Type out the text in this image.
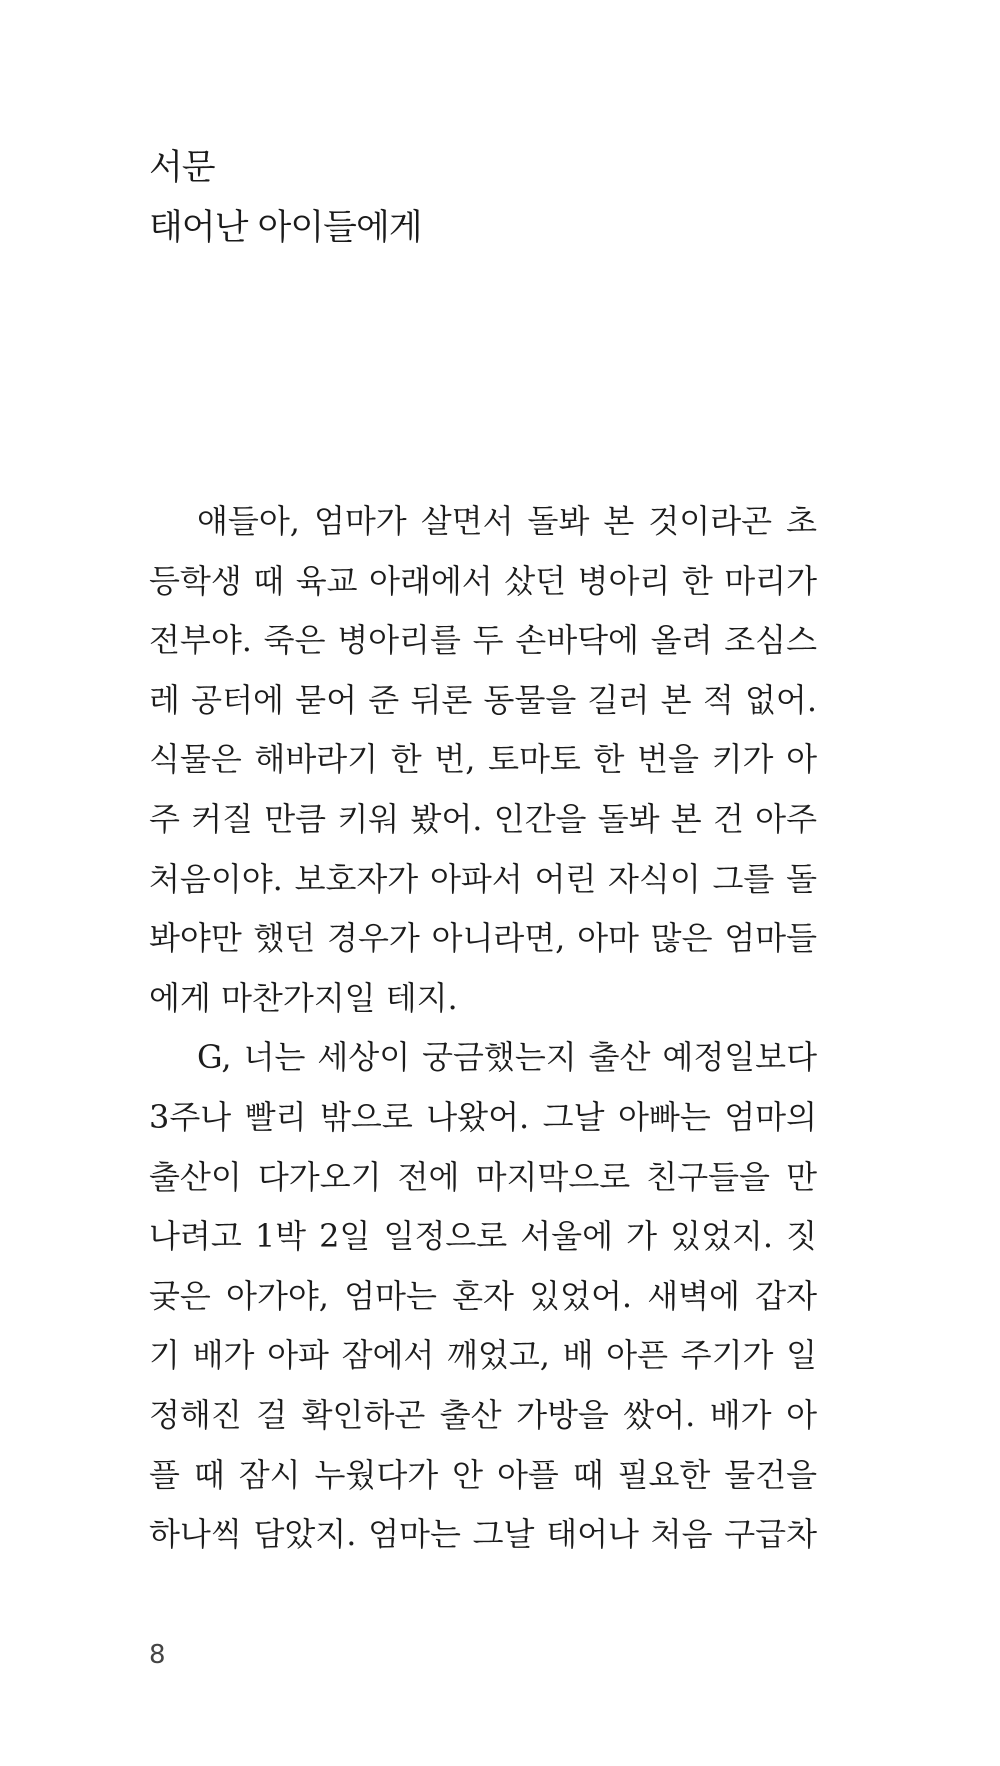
서문
태어난 아이들에게
얘들아, 엄마가 살면서 돌봐 본 것이라곤 초
등학생 때 육교 아래에서 샀던 병아리 한 마리가
전부야. 죽은 병아리를 두 손바닥에 올려 조심스
레 공터에 묻어 준 뒤론 동물을 길러 본 적 없어.
식물은 해바라기 한 번, 토마토 한 번을 키가 아
주 커질 만큼 키워 봤어. 인간을 돌봐 본 건 아주
처음이야. 보호자가 아파서 어린 자식이 그를 돌
봐야만 했던 경우가 아니라면, 아마 많은 엄마들
에게 마찬가지일 테지.
G, 너는 세상이 궁금했는지 출산 예정일보다
3주나 빨리 밖으로 나왔어. 그날 아빠는 엄마의
출산이 다가오기 전에 마지막으로 친구들을 만
나려고 1박 2일 일정으로 서울에 가 있었지. 짓
궂은 아가야, 엄마는 혼자 있었어. 새벽에 갑자
기 배가 아파 잠에서 깨었고, 배 아픈 주기가 일
정해진 걸 확인하곤 출산 가방을 쌌어. 배가 아
플 때 잠시 누웠다가 안 아플 때 필요한 물건을
하나씩 담았지. 엄마는 그날 태어나 처음 구급차
8
